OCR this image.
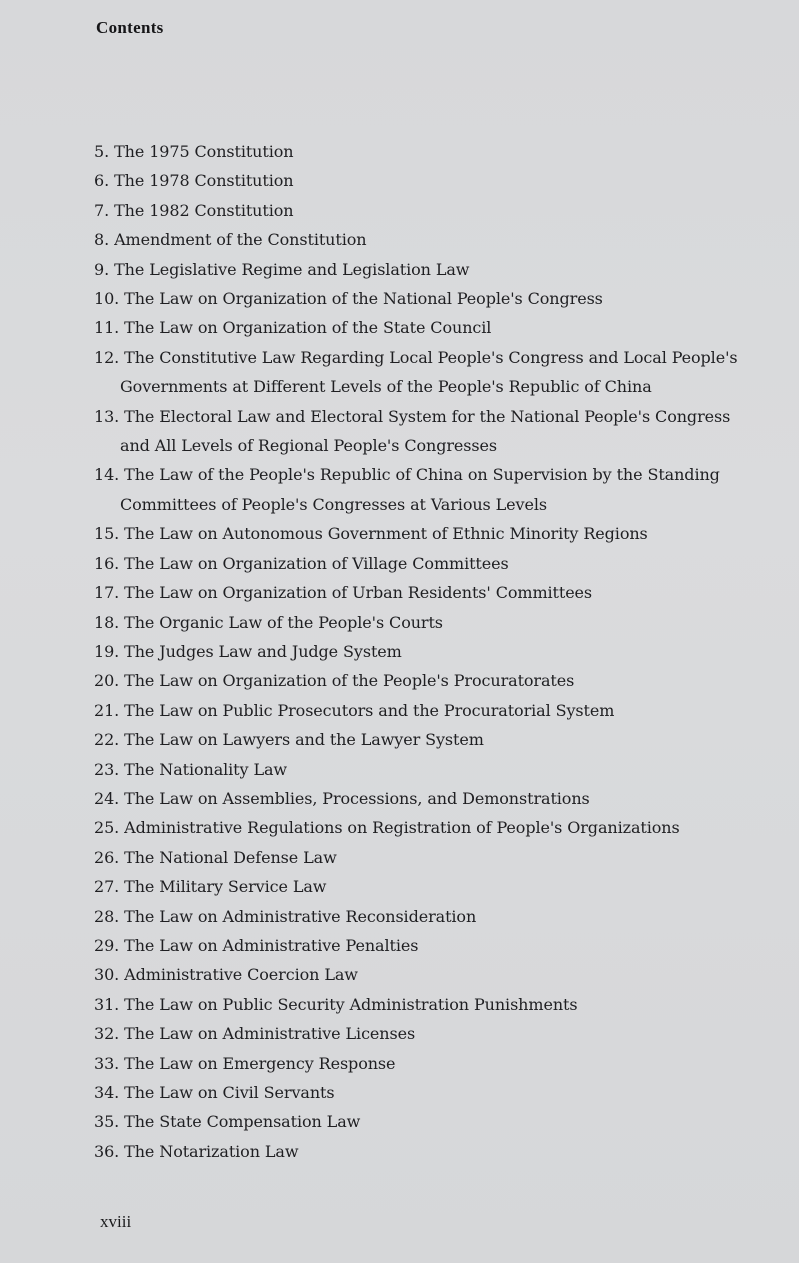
Contents
5. The 1975 Constitution
6. The 1978 Constitution
7. The 1982 Constitution
8. Amendment of the Constitution
9. The Legislative Regime and Legislation Law
10. The Law on Organization of the National People's Congress
11. The Law on Organization of the State Council
12. The Constitutive Law Regarding Local People's Congress and Local People's
Governments at Different Levels of the People's Republic of China
13. The Electoral Law and Electoral System for the National People's Congress
and All Levels of Regional People's Congresses
14. The Law of the People's Republic of China on Supervision by the Standing
Committees of People's Congresses at Various Levels
15. The Law on Autonomous Government of Ethnic Minority Regions
16. The Law on Organization of Village Committees
17. The Law on Organization of Urban Residents' Committees
18. The Organic Law of the People's Courts
19. The Judges Law and Judge System
20. The Law on Organization of the People's Procuratorates
21. The Law on Public Prosecutors and the Procuratorial System
22. The Law on Lawyers and the Lawyer System
23. The Nationality Law
24. The Law on Assemblies, Processions, and Demonstrations
25. Administrative Regulations on Registration of People's Organizations
26. The National Defense Law
27. The Military Service Law
28. The Law on Administrative Reconsideration
29. The Law on Administrative Penalties
30. Administrative Coercion Law
31. The Law on Public Security Administration Punishments
32. The Law on Administrative Licenses
33. The Law on Emergency Response
34. The Law on Civil Servants
35. The State Compensation Law
36. The Notarization Law
xviii
